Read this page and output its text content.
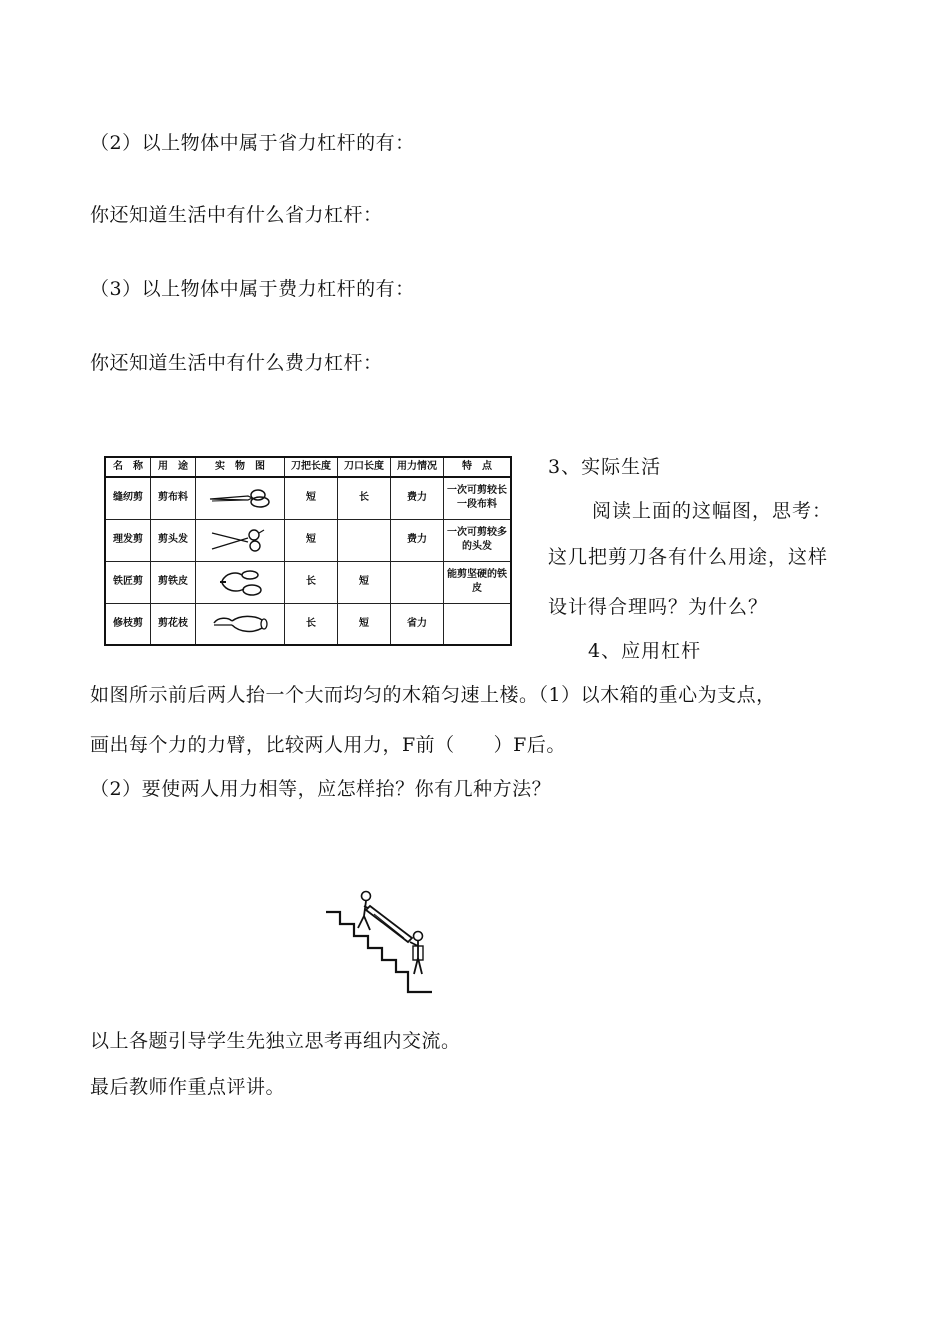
（2）以上物体中属于省力杠杆的有：
你还知道生活中有什么省力杠杆：
（3）以上物体中属于费力杠杆的有：
你还知道生活中有什么费力杠杆：
名　称	用　途	实　物　图	刀把长度	刀口长度	用力情况	特　点
缝纫剪	剪布料		短	长	费力	一次可剪较长一段布料
理发剪	剪头发		短		费力	一次可剪较多的头发
铁匠剪	剪铁皮		长	短		能剪坚硬的铁皮
修枝剪	剪花枝		长	短	省力	
3、实际生活
阅读上面的这幅图，思考：
这几把剪刀各有什么用途，这样
设计得合理吗？为什么？
4、应用杠杆
如图所示前后两人抬一个大而均匀的木箱匀速上楼。（1）以木箱的重心为支点，
画出每个力的力臂，比较两人用力，F前（　　）F后。
（2）要使两人用力相等，应怎样抬？你有几种方法？
以上各题引导学生先独立思考再组内交流。
最后教师作重点评讲。
